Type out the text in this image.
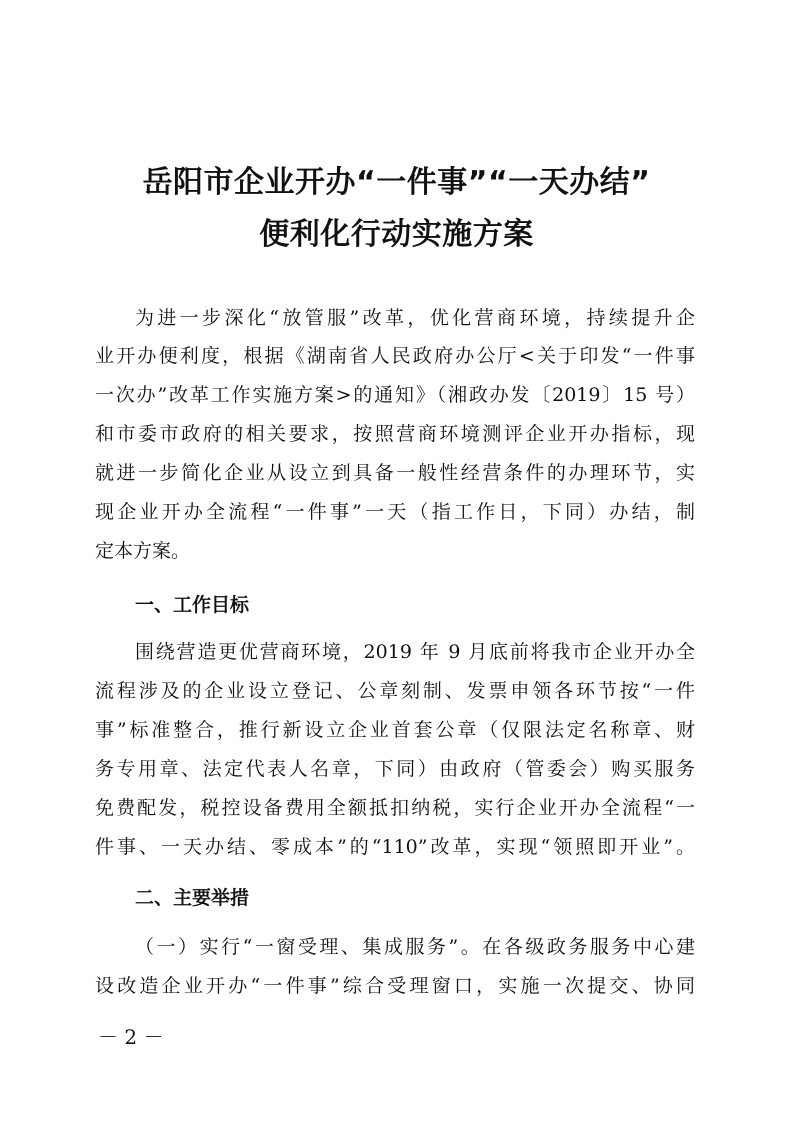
岳阳市企业开办“一件事”“一天办结”
便利化行动实施方案
为进一步深化“放管服”改革，优化营商环境，持续提升企
业开办便利度，根据《湖南省人民政府办公厅<关于印发“一件事
一次办”改革工作实施方案>的通知》（湘政办发〔2019〕15 号）
和市委市政府的相关要求，按照营商环境测评企业开办指标，现
就进一步简化企业从设立到具备一般性经营条件的办理环节，实
现企业开办全流程“一件事”一天（指工作日，下同）办结，制
定本方案。
一、工作目标
围绕营造更优营商环境，2019 年 9 月底前将我市企业开办全
流程涉及的企业设立登记、公章刻制、发票申领各环节按“一件
事”标准整合，推行新设立企业首套公章（仅限法定名称章、财
务专用章、法定代表人名章，下同）由政府（管委会）购买服务
免费配发，税控设备费用全额抵扣纳税，实行企业开办全流程“一
件事、一天办结、零成本”的“110”改革，实现“领照即开业”。
二、主要举措
（一）实行“一窗受理、集成服务”。在各级政务服务中心建
设改造企业开办“一件事”综合受理窗口，实施一次提交、协同
－ 2 －
